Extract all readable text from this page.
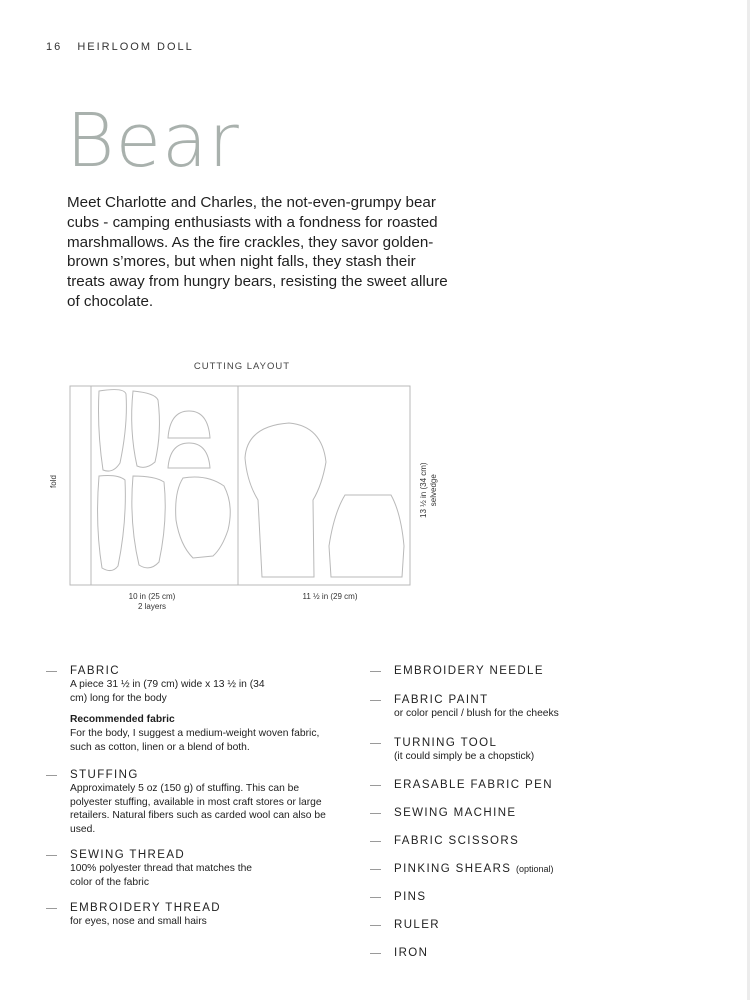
16 HEIRLOOM DOLL
Bear

Meet Charlotte and Charles, the not-even-grumpy bear cubs - camping enthusiasts with a fondness for roasted marshmallows. As the fire crackles, they savor golden-brown s’mores, but when night falls, they stash their treats away from hungry bears, resisting the sweet allure of chocolate.

CUTTING LAYOUT
fold
10 in (25 cm)
2 layers
11 ½ in (29 cm)
13 ½ in (34 cm) selvedge
FABRIC
A piece 31 ½ in (79 cm) wide x 13 ½ in (34 cm) long for the body
Recommended fabric
For the body, I suggest a medium-weight woven fabric, such as cotton, linen or a blend of both.
STUFFING
Approximately 5 oz (150 g) of stuffing. This can be polyester stuffing, available in most craft stores or large retailers. Natural fibers such as carded wool can also be used.
SEWING THREAD
100% polyester thread that matches the color of the fabric
EMBROIDERY THREAD
for eyes, nose and small hairs
EMBROIDERY NEEDLE
FABRIC PAINT
or color pencil / blush for the cheeks
TURNING TOOL
(it could simply be a chopstick)
ERASABLE FABRIC PEN
SEWING MACHINE
FABRIC SCISSORS
PINKING SHEARS (optional)
PINS
RULER
IRON
